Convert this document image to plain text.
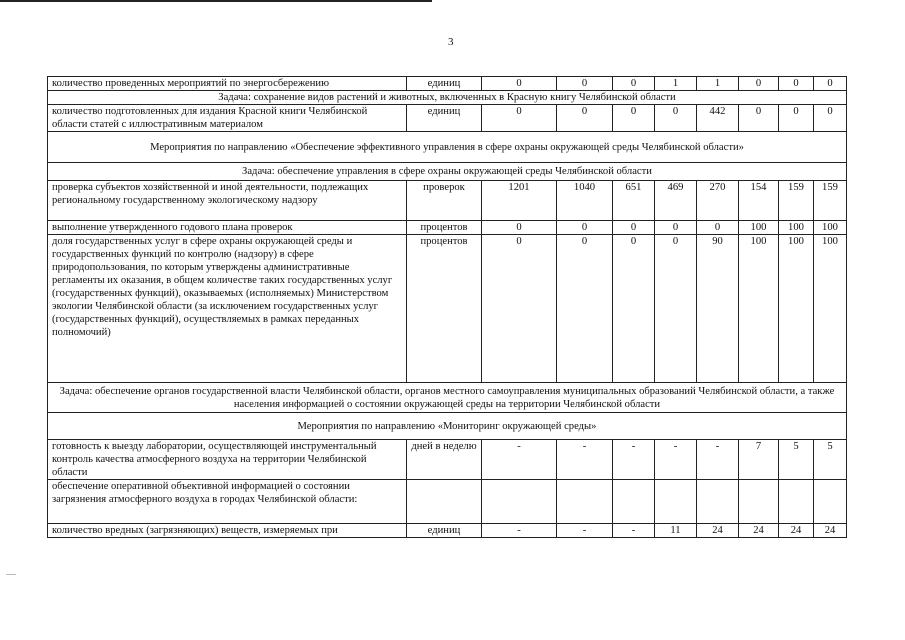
3
количество проведенных мероприятий по энергосбережению	единиц	0	0	0	1	1	0	0	0
Задача: сохранение видов растений и животных, включенных в Красную книгу Челябинской области									
количество подготовленных для издания Красной книги Челябинской области статей с иллюстративным материалом	единиц	0	0	0	0	442	0	0	0
Мероприятия по направлению «Обеспечение эффективного управления в сфере охраны окружающей среды Челябинской области»									
Задача: обеспечение управления в сфере охраны окружающей среды Челябинской области									
проверка субъектов хозяйственной и иной деятельности, подлежащих региональному государственному экологическому надзору	проверок	1201	1040	651	469	270	154	159	159
выполнение утвержденного годового плана проверок	процентов	0	0	0	0	0	100	100	100
доля государственных услуг в сфере охраны окружающей среды и государственных функций по контролю (надзору) в сфере природопользования, по которым утверждены административные регламенты их оказания, в общем количестве таких государственных услуг (государственных функций), оказываемых (исполняемых) Министерством экологии Челябинской области (за исключением государственных услуг (государственных функций), осуществляемых в рамках переданных полномочий)	процентов	0	0	0	0	90	100	100	100
Задача: обеспечение органов государственной власти Челябинской области, органов местного самоуправления муниципальных образований Челябинской области, а также населения информацией о состоянии окружающей среды на территории Челябинской области									
Мероприятия по направлению «Мониторинг окружающей среды»									
готовность к выезду лаборатории, осуществляющей инструментальный контроль качества атмосферного воздуха на территории Челябинской области	дней в неделю	-	-	-	-	-	7	5	5
обеспечение оперативной объективной информацией о состоянии загрязнения атмосферного воздуха в городах Челябинской области:									
количество вредных (загрязняющих) веществ, измеряемых при	единиц	-	-	-	11	24	24	24	24
